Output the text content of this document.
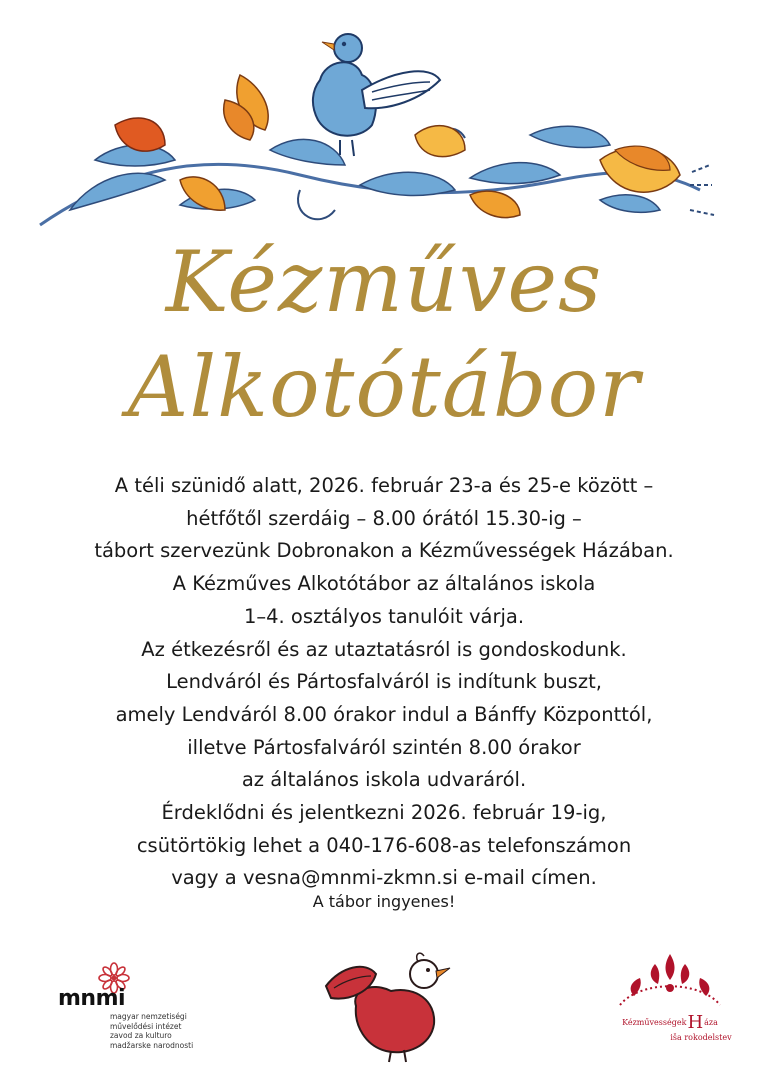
Kézműves
Alkotótábor
A téli szünidő alatt, 2026. február 23-a és 25-e között –
hétfőtől szerdáig – 8.00 órától 15.30-ig –
tábort szervezünk Dobronakon a Kézművességek Házában.
A Kézműves Alkotótábor az általános iskola
1–4. osztályos tanulóit várja.
Az étkezésről és az utaztatásról is gondoskodunk.
Lendváról és Pártosfalváról is indítunk buszt,
amely Lendváról 8.00 órakor indul a Bánffy Központtól,
illetve Pártosfalváról szintén 8.00 órakor
az általános iskola udvaráról.
Érdeklődni és jelentkezni 2026. február 19-ig,
csütörtökig lehet a 040-176-608-as telefonszámon
vagy a vesna@mnmi-zkmn.si e-mail címen.
A tábor ingyenes!
mnmi
magyar nemzetiségi
művelődési intézet
zavod za kulturo
madžarske narodnosti
KézművességekHáza
iša rokodelstev
